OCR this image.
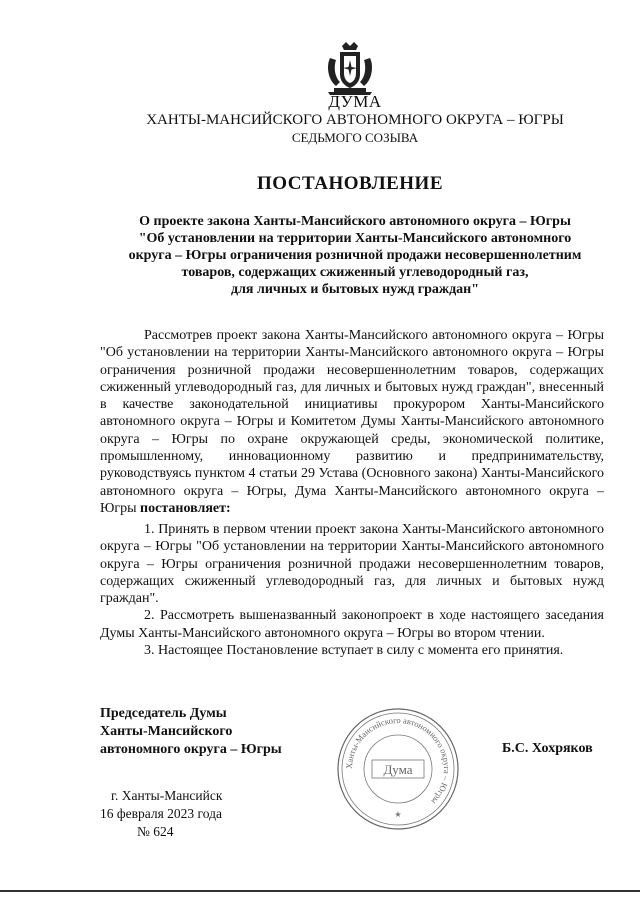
ДУМА
ХАНТЫ-МАНСИЙСКОГО АВТОНОМНОГО ОКРУГА – ЮГРЫ
СЕДЬМОГО СОЗЫВА
ПОСТАНОВЛЕНИЕ
О проекте закона Ханты-Мансийского автономного округа – Югры
"Об установлении на территории Ханты-Мансийского автономного
округа – Югры ограничения розничной продажи несовершеннолетним
товаров, содержащих сжиженный углеводородный газ,
для личных и бытовых нужд граждан"
Рассмотрев проект закона Ханты-Мансийского автономного округа – Югры "Об установлении на территории Ханты-Мансийского автономного округа – Югры ограничения розничной продажи несовершеннолетним товаров, содержащих сжиженный углеводородный газ, для личных и бытовых нужд граждан", внесенный в качестве законодательной инициативы прокурором Ханты-Мансийского автономного округа – Югры и Комитетом Думы Ханты-Мансийского автономного округа – Югры по охране окружающей среды, экономической политике, промышленному, инновационному развитию и предпринимательству, руководствуясь пунктом 4 статьи 29 Устава (Основного закона) Ханты-Мансийского автономного округа – Югры, Дума Ханты-Мансийского автономного округа – Югры постановляет:

1. Принять в первом чтении проект закона Ханты-Мансийского автономного округа – Югры "Об установлении на территории Ханты-Мансийского автономного округа – Югры ограничения розничной продажи несовершеннолетним товаров, содержащих сжиженный углеводородный газ, для личных и бытовых нужд граждан".

2. Рассмотреть вышеназванный законопроект в ходе настоящего заседания Думы Ханты-Мансийского автономного округа – Югры во втором чтении.

3. Настоящее Постановление вступает в силу с момента его принятия.

Председатель Думы
Ханты-Мансийского
автономного округа – Югры
Ханты-Мансийского автономного округа – Югры
Дума
★
Б.С. Хохряков
г. Ханты-Мансийск
16 февраля 2023 года
№ 624
